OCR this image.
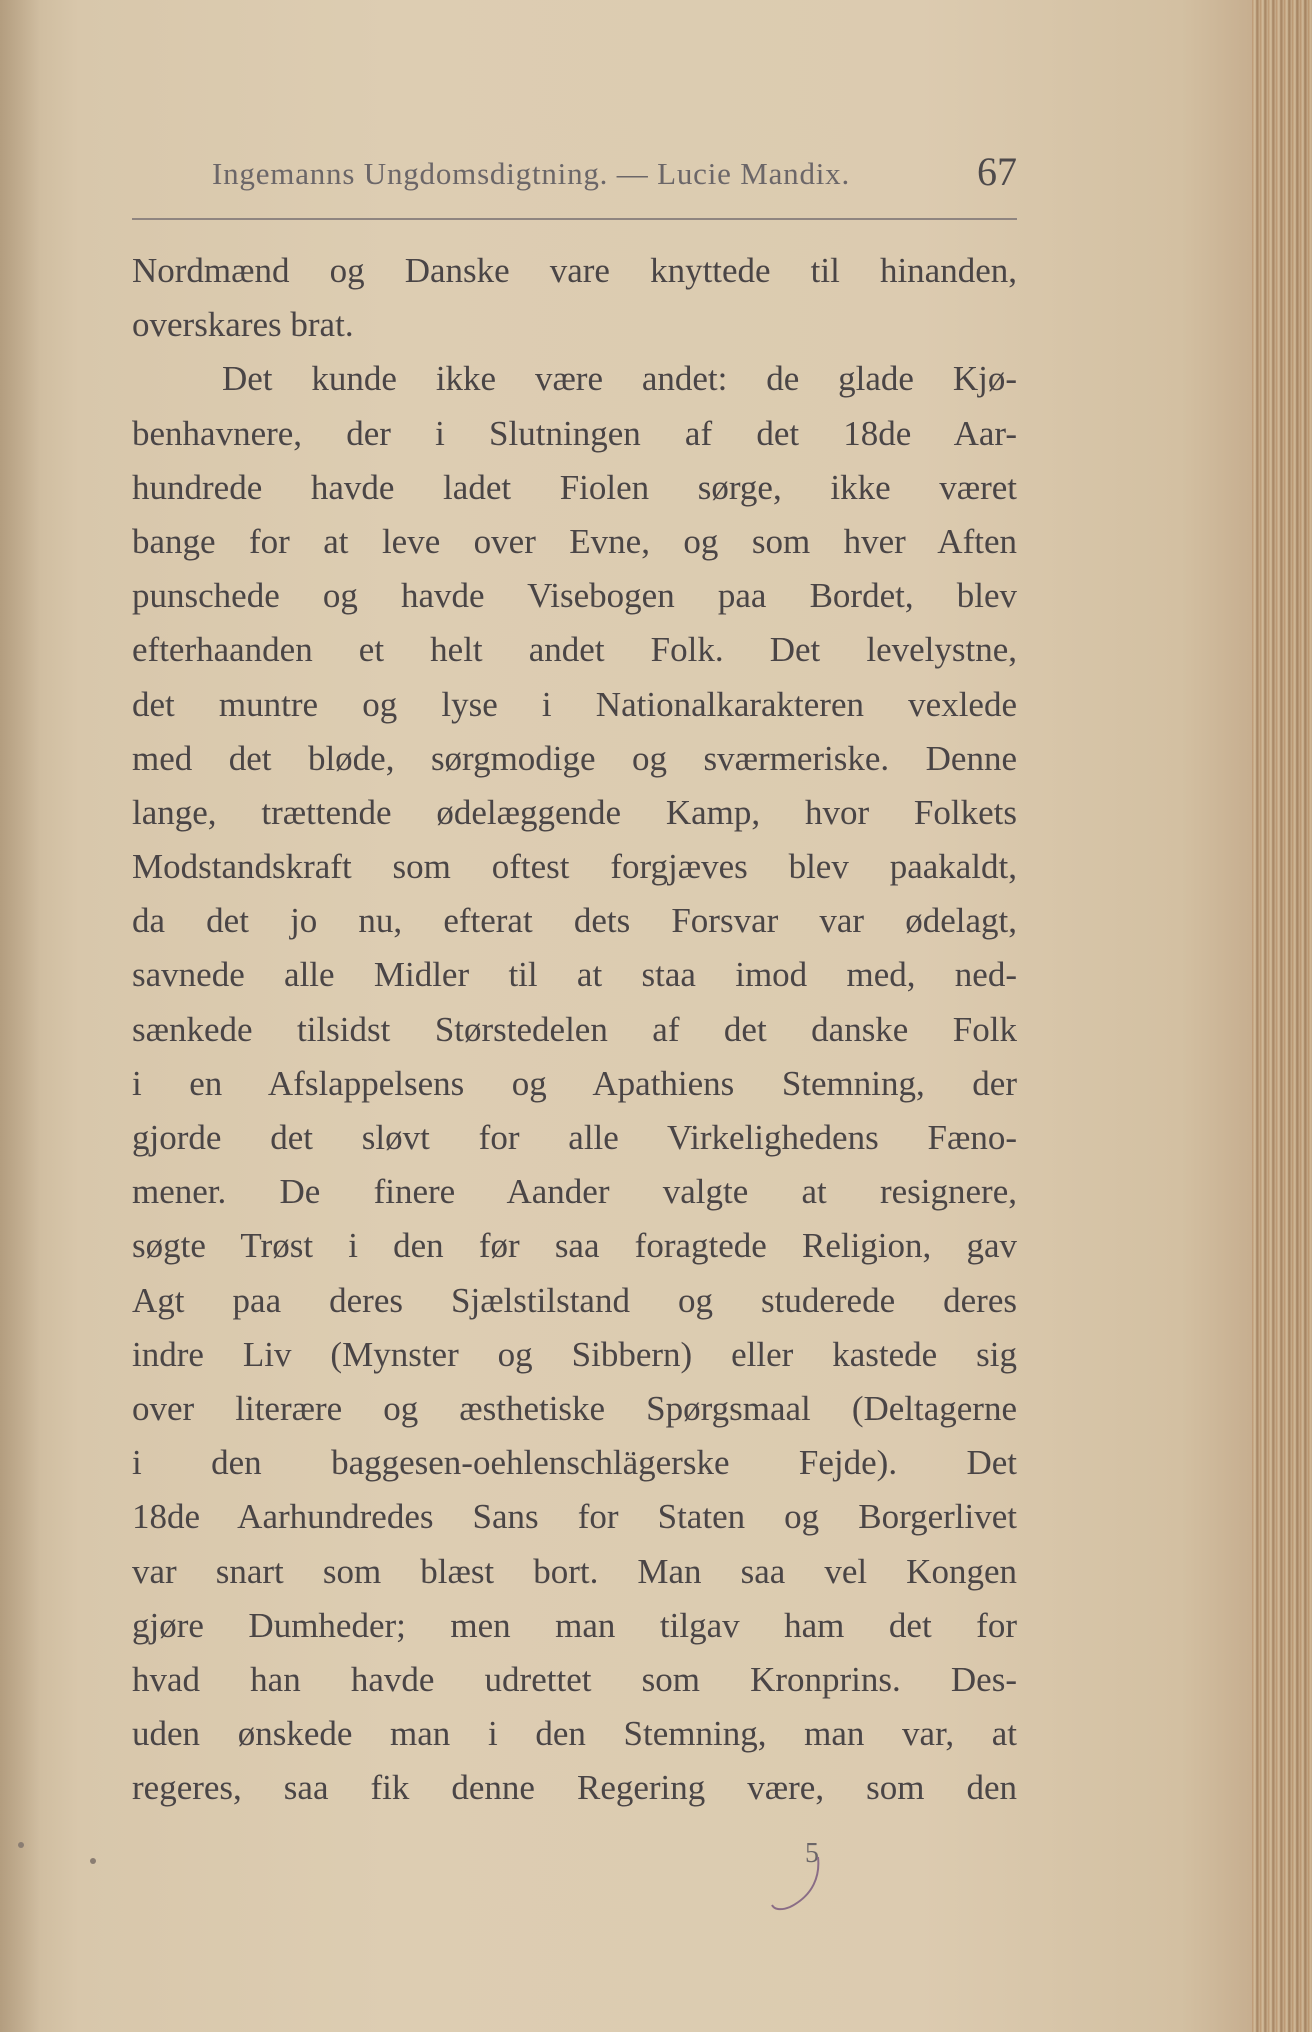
Ingemanns Ungdomsdigtning. — Lucie Mandix.	67
Nordmænd og Danske vare knyttede til hinanden,
overskares brat.
Det kunde ikke være andet: de glade Kjø-
benhavnere, der i Slutningen af det 18de Aar-
hundrede havde ladet Fiolen sørge, ikke været
bange for at leve over Evne, og som hver Aften
punschede og havde Visebogen paa Bordet, blev
efterhaanden et helt andet Folk. Det levelystne,
det muntre og lyse i Nationalkarakteren vexlede
med det bløde, sørgmodige og sværmeriske. Denne
lange, trættende ødelæggende Kamp, hvor Folkets
Modstandskraft som oftest forgjæves blev paakaldt,
da det jo nu, efterat dets Forsvar var ødelagt,
savnede alle Midler til at staa imod med, ned-
sænkede tilsidst Størstedelen af det danske Folk
i en Afslappelsens og Apathiens Stemning, der
gjorde det sløvt for alle Virkelighedens Fæno-
mener. De finere Aander valgte at resignere,
søgte Trøst i den før saa foragtede Religion, gav
Agt paa deres Sjælstilstand og studerede deres
indre Liv (Mynster og Sibbern) eller kastede sig
over literære og æsthetiske Spørgsmaal (Deltagerne
i den baggesen-oehlenschlägerske Fejde). Det
18de Aarhundredes Sans for Staten og Borgerlivet
var snart som blæst bort. Man saa vel Kongen
gjøre Dumheder; men man tilgav ham det for
hvad han havde udrettet som Kronprins. Des-
uden ønskede man i den Stemning, man var, at
regeres, saa fik denne Regering være, som den
5
